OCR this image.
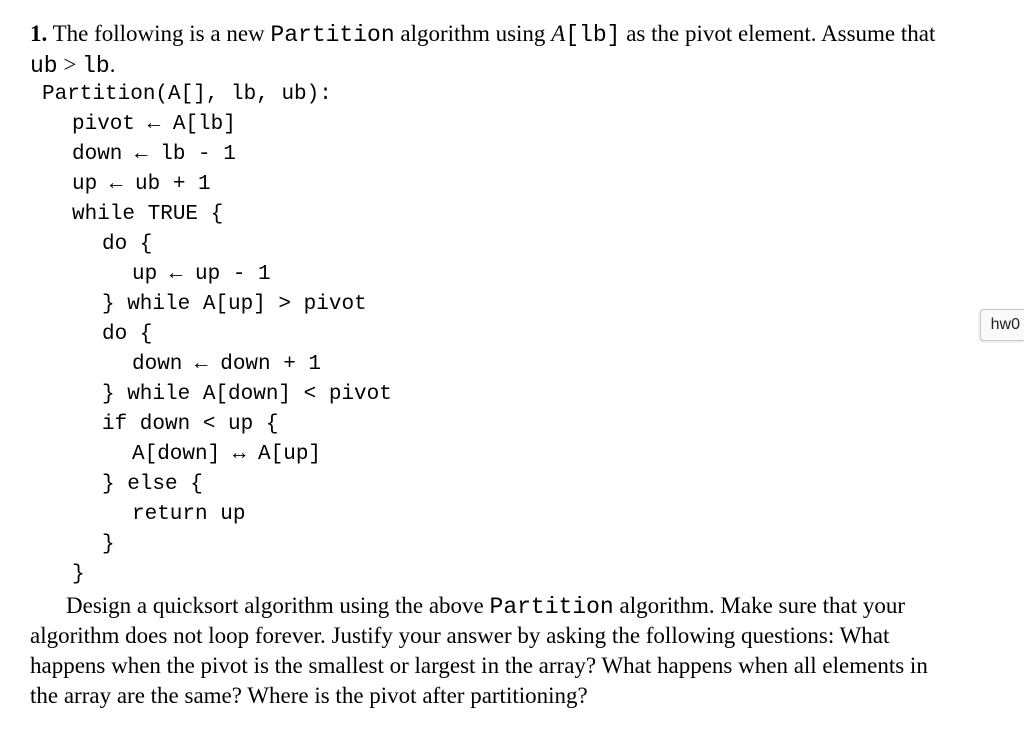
1. The following is a new Partition algorithm using A[lb] as the pivot element. Assume that
ub > lb.
Partition(A[], lb, ub):
pivot ← A[lb]
down ← lb - 1
up ← ub + 1
while TRUE {
do {
up ← up - 1
} while A[up] > pivot
do {
down ← down + 1
} while A[down] < pivot
if down < up {
A[down] ↔ A[up]
} else {
return up
}
}
Design a quicksort algorithm using the above Partition algorithm. Make sure that your
algorithm does not loop forever. Justify your answer by asking the following questions: What
happens when the pivot is the smallest or largest in the array? What happens when all elements in
the array are the same? Where is the pivot after partitioning?
hw0
